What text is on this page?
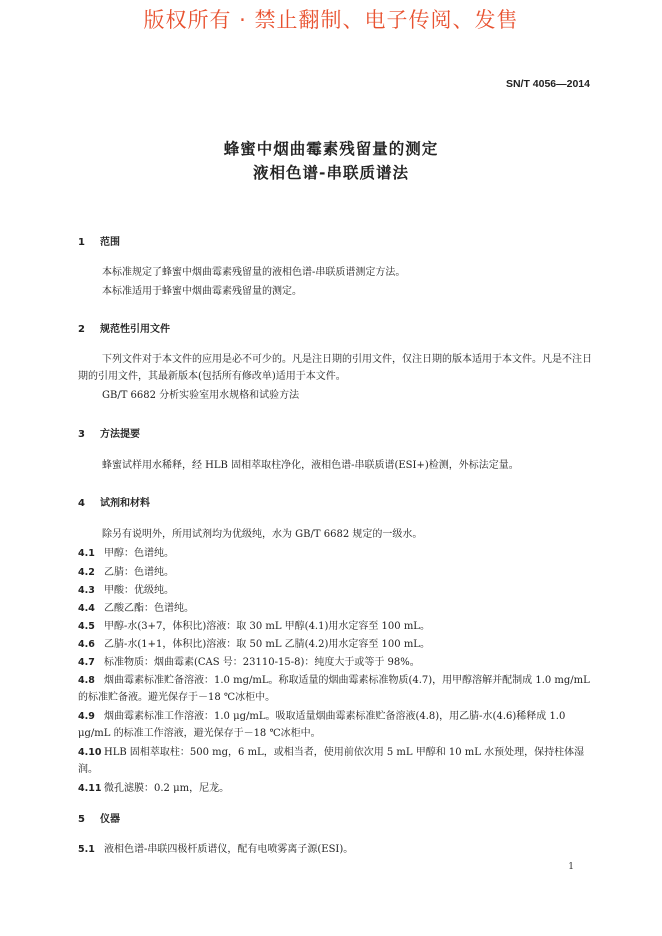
版权所有 · 禁止翻制、电子传阅、发售
SN/T 4056—2014
蜂蜜中烟曲霉素残留量的测定
液相色谱-串联质谱法
1 范围
本标准规定了蜂蜜中烟曲霉素残留量的液相色谱-串联质谱测定方法。
本标准适用于蜂蜜中烟曲霉素残留量的测定。
2 规范性引用文件
下列文件对于本文件的应用是必不可少的。凡是注日期的引用文件，仅注日期的版本适用于本文件。凡是不注日期的引用文件，其最新版本(包括所有修改单)适用于本文件。
GB/T 6682 分析实验室用水规格和试验方法
3 方法提要
蜂蜜试样用水稀释，经 HLB 固相萃取柱净化，液相色谱-串联质谱(ESI+)检测，外标法定量。
4 试剂和材料
除另有说明外，所用试剂均为优级纯，水为 GB/T 6682 规定的一级水。
4.1 甲醇：色谱纯。
4.2 乙腈：色谱纯。
4.3 甲酸：优级纯。
4.4 乙酸乙酯：色谱纯。
4.5 甲醇-水(3+7，体积比)溶液：取 30 mL 甲醇(4.1)用水定容至 100 mL。
4.6 乙腈-水(1+1，体积比)溶液：取 50 mL 乙腈(4.2)用水定容至 100 mL。
4.7 标准物质：烟曲霉素(CAS 号：23110-15-8)：纯度大于或等于 98%。
4.8 烟曲霉素标准贮备溶液：1.0 mg/mL。称取适量的烟曲霉素标准物质(4.7)，用甲醇溶解并配制成 1.0 mg/mL 的标准贮备液。避光保存于－18 ℃冰柜中。
4.9 烟曲霉素标准工作溶液：1.0 μg/mL。吸取适量烟曲霉素标准贮备溶液(4.8)，用乙腈-水(4.6)稀释成 1.0 μg/mL 的标准工作溶液，避光保存于－18 ℃冰柜中。
4.10 HLB 固相萃取柱：500 mg，6 mL，或相当者，使用前依次用 5 mL 甲醇和 10 mL 水预处理，保持柱体湿润。
4.11 微孔滤膜：0.2 μm，尼龙。
5 仪器
5.1 液相色谱-串联四极杆质谱仪，配有电喷雾离子源(ESI)。
1
